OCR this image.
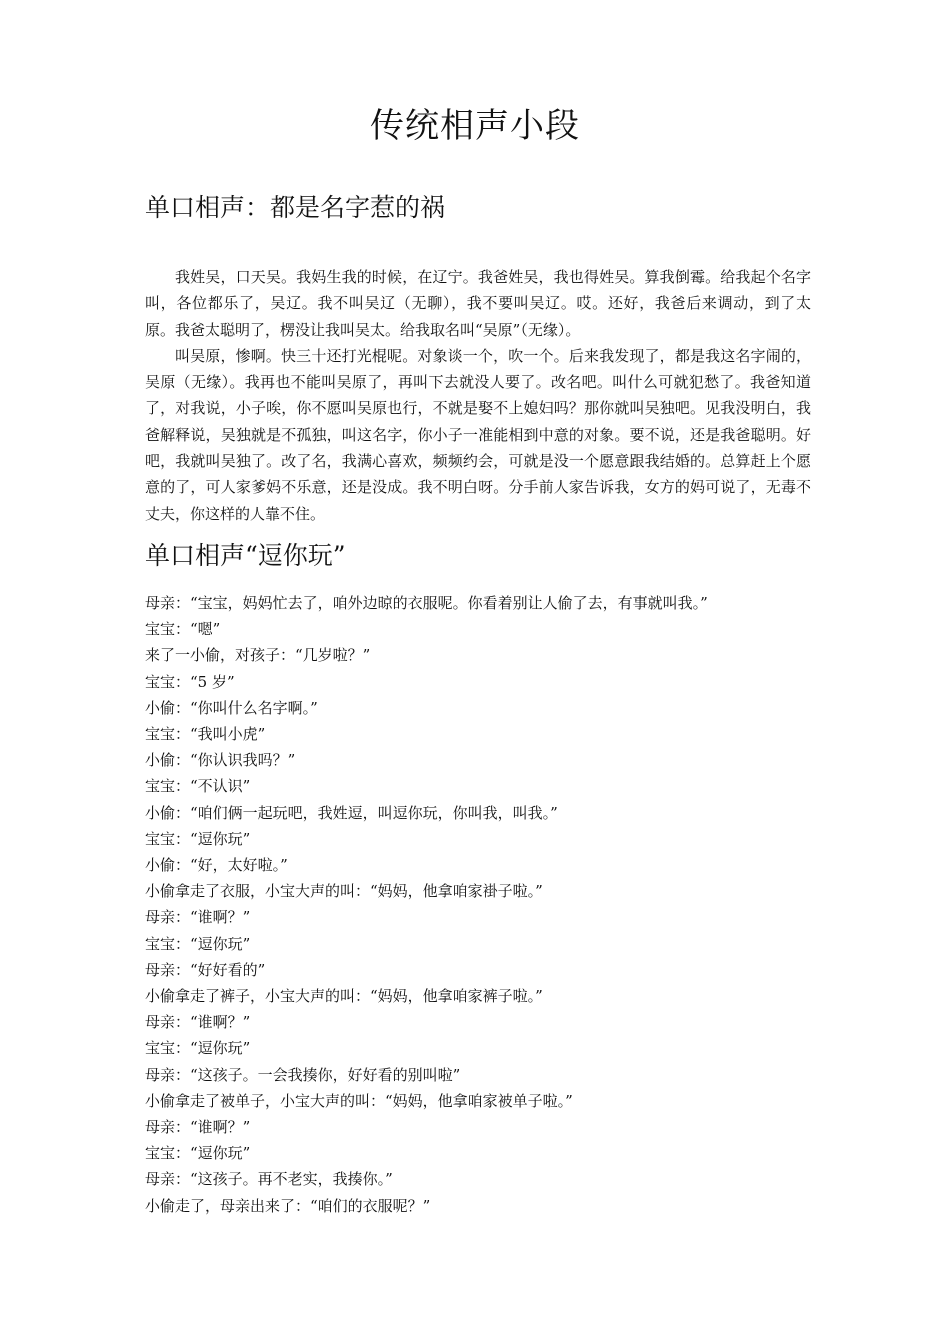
传统相声小段
单口相声：都是名字惹的祸

我姓吴，口天吴。我妈生我的时候，在辽宁。我爸姓吴，我也得姓吴。算我倒霉。给我起个名字叫，各位都乐了，吴辽。我不叫吴辽（无聊），我不要叫吴辽。哎。还好，我爸后来调动，到了太原。我爸太聪明了，楞没让我叫吴太。给我取名叫“吴原”（无缘）。

叫吴原，惨啊。快三十还打光棍呢。对象谈一个，吹一个。后来我发现了，都是我这名字闹的，吴原（无缘）。我再也不能叫吴原了，再叫下去就没人要了。改名吧。叫什么可就犯愁了。我爸知道了，对我说，小子唉，你不愿叫吴原也行，不就是娶不上媳妇吗？那你就叫吴独吧。见我没明白，我爸解释说，吴独就是不孤独，叫这名字，你小子一准能相到中意的对象。要不说，还是我爸聪明。好吧，我就叫吴独了。改了名，我满心喜欢，频频约会，可就是没一个愿意跟我结婚的。总算赶上个愿意的了，可人家爹妈不乐意，还是没成。我不明白呀。分手前人家告诉我，女方的妈可说了，无毒不丈夫，你这样的人靠不住。

单口相声“逗你玩”
母亲：“宝宝，妈妈忙去了，咱外边晾的衣服呢。你看着别让人偷了去，有事就叫我。”
宝宝：“嗯”
来了一小偷，对孩子：“几岁啦？”
宝宝：“5 岁”
小偷：“你叫什么名字啊。”
宝宝：“我叫小虎”
小偷：“你认识我吗？”
宝宝：“不认识”
小偷：“咱们俩一起玩吧，我姓逗，叫逗你玩，你叫我，叫我。”
宝宝：“逗你玩”
小偷：“好，太好啦。”
小偷拿走了衣服，小宝大声的叫：“妈妈，他拿咱家褂子啦。”
母亲：“谁啊？”
宝宝：“逗你玩”
母亲：“好好看的”
小偷拿走了裤子，小宝大声的叫：“妈妈，他拿咱家裤子啦。”
母亲：“谁啊？”
宝宝：“逗你玩”
母亲：“这孩子。一会我揍你，好好看的别叫啦”
小偷拿走了被单子，小宝大声的叫：“妈妈，他拿咱家被单子啦。”
母亲：“谁啊？”
宝宝：“逗你玩”
母亲：“这孩子。再不老实，我揍你。”
小偷走了，母亲出来了：“咱们的衣服呢？”
